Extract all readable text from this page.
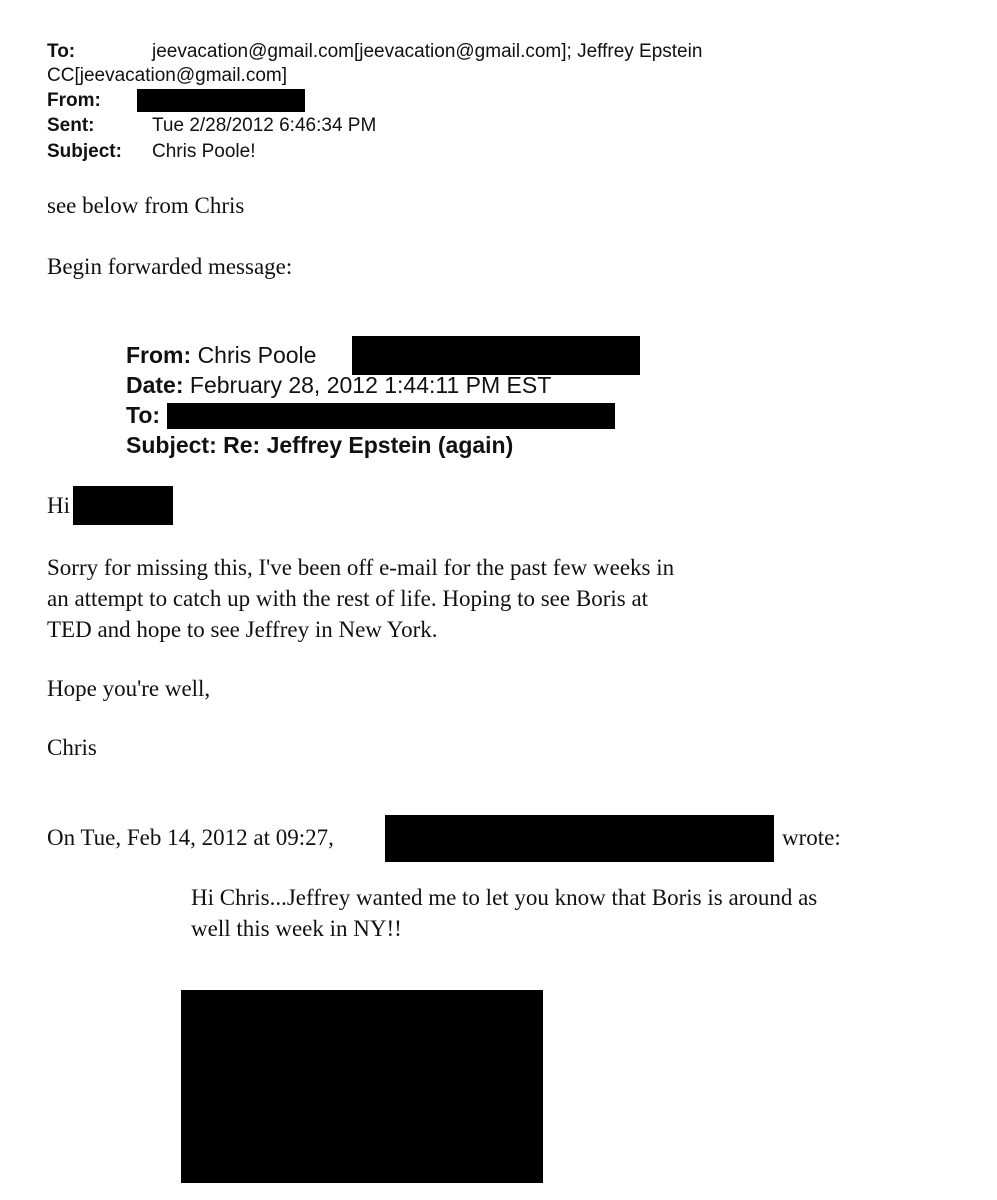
To:	jeevacation@gmail.com[jeevacation@gmail.com]; Jeffrey Epstein
CC[jeevacation@gmail.com]
From:
Sent:	Tue 2/28/2012 6:46:34 PM
Subject: Chris Poole!
see below from Chris
Begin forwarded message:
From: Chris Poole
Date: February 28, 2012 1:44:11 PM EST
To:
Subject: Re: Jeffrey Epstein (again)
Hi
Sorry for missing this, I've been off e-mail for the past few weeks in
an attempt to catch up with the rest of life. Hoping to see Boris at
TED and hope to see Jeffrey in New York.
Hope you're well,
Chris
On Tue, Feb 14, 2012 at 09:27,	wrote:
Hi Chris...Jeffrey wanted me to let you know that Boris is around as
well this week in NY!!
